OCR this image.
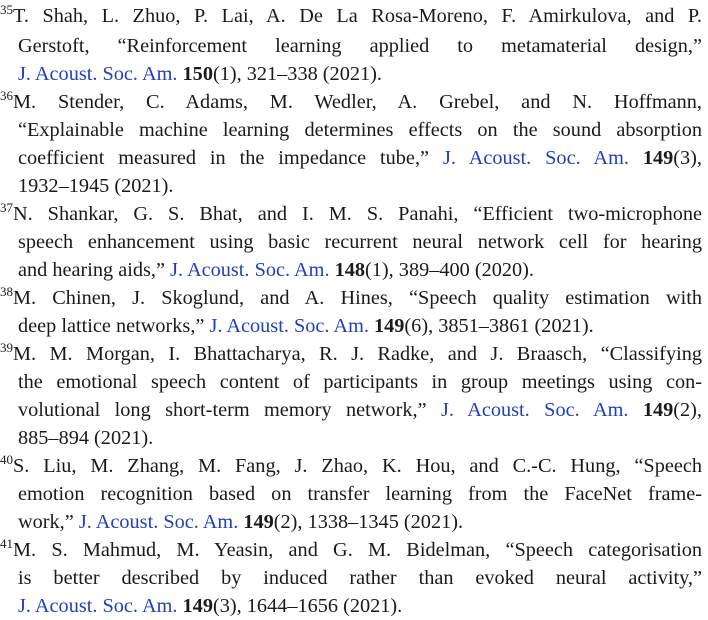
$^{35}$T. Shah, L. Zhuo, P. Lai, A. De La Rosa-Moreno, F. Amirkulova, and P.
Gerstoft, “Reinforcement learning applied to metamaterial design,”
J. Acoust. Soc. Am. 150(1), 321–338 (2021).
$^{36}$M. Stender, C. Adams, M. Wedler, A. Grebel, and N. Hoffmann,
“Explainable machine learning determines effects on the sound absorption
coefficient measured in the impedance tube,” J. Acoust. Soc. Am. 149(3),
1932–1945 (2021).
$^{37}$N. Shankar, G. S. Bhat, and I. M. S. Panahi, “Efficient two-microphone
speech enhancement using basic recurrent neural network cell for hearing
and hearing aids,” J. Acoust. Soc. Am. 148(1), 389–400 (2020).
$^{38}$M. Chinen, J. Skoglund, and A. Hines, “Speech quality estimation with
deep lattice networks,” J. Acoust. Soc. Am. 149(6), 3851–3861 (2021).
$^{39}$M. M. Morgan, I. Bhattacharya, R. J. Radke, and J. Braasch, “Classifying
the emotional speech content of participants in group meetings using con-
volutional long short-term memory network,” J. Acoust. Soc. Am. 149(2),
885–894 (2021).
$^{40}$S. Liu, M. Zhang, M. Fang, J. Zhao, K. Hou, and C.-C. Hung, “Speech
emotion recognition based on transfer learning from the FaceNet frame-
work,” J. Acoust. Soc. Am. 149(2), 1338–1345 (2021).
$^{41}$M. S. Mahmud, M. Yeasin, and G. M. Bidelman, “Speech categorisation
is better described by induced rather than evoked neural activity,”
J. Acoust. Soc. Am. 149(3), 1644–1656 (2021).
